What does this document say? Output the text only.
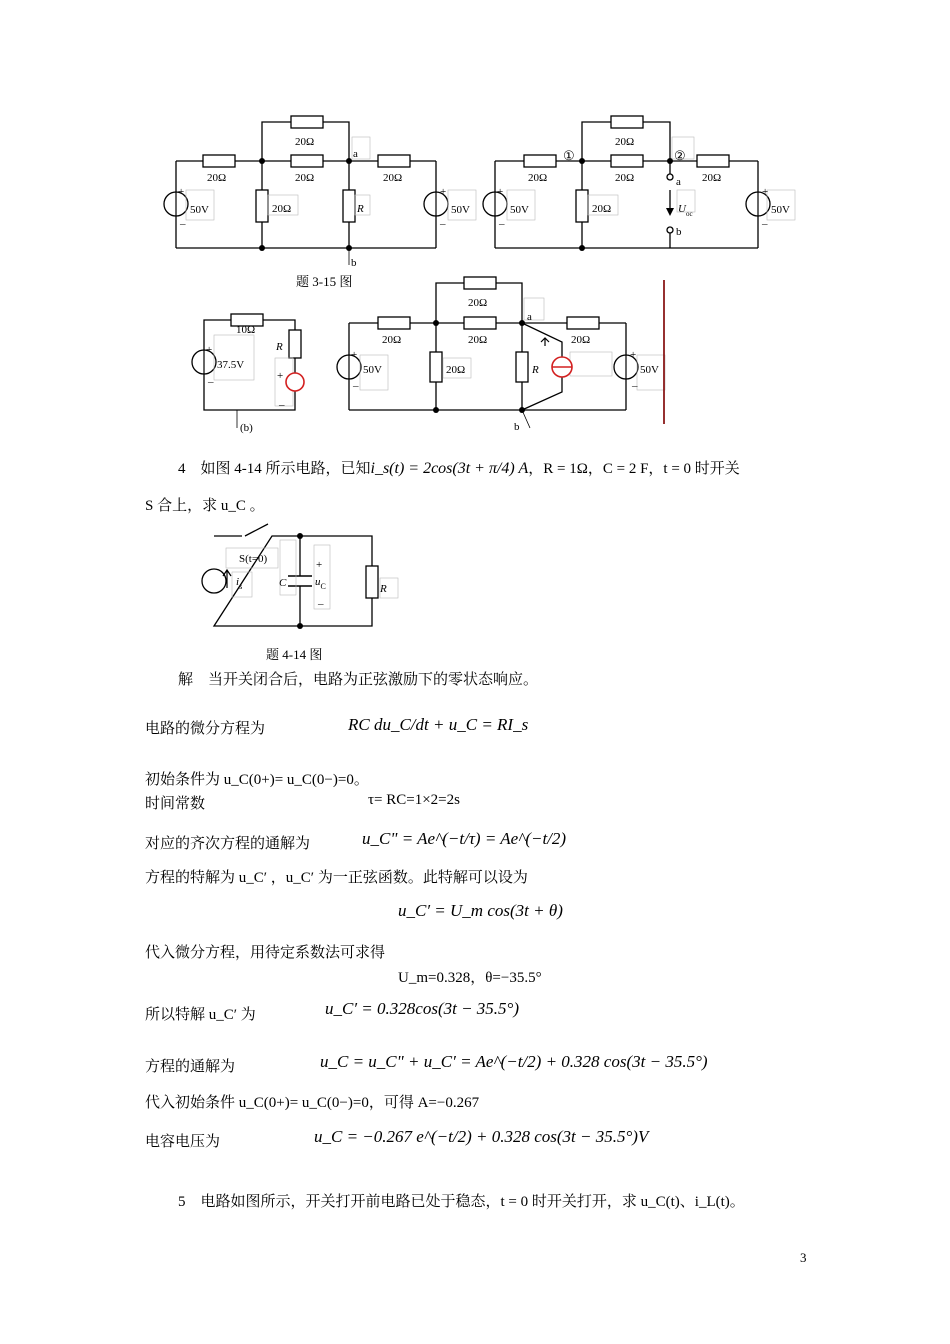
20Ω
20Ω	20Ω	20Ω
20Ω	R
50V	50V
a
b
+
_
+
_
题 3-15 图
20Ω
20Ω	20Ω	20Ω
20Ω
50V	50V
①	②
a
b
$U_{oc}$
+
_
+
_
10Ω
R
37.5V
(b)
+
_
+
_
20Ω
20Ω	20Ω	20Ω
20Ω	R
50V	50V
a
b
+
_
+
_
4　如图 4-14 所示电路，已知i_s(t) = 2cos(3t + π/4) A，R = 1Ω，C = 2 F，t = 0 时开关
S 合上，求 u_C 。
S(t=0)
C	R
$i_s$	$u_C$
+
_
题 4-14 图
解　当开关闭合后，电路为正弦激励下的零状态响应。
电路的微分方程为	RC du_C/dt + u_C = RI_s
初始条件为 u_C(0+)= u_C(0−)=0。
时间常数	τ= RC=1×2=2s
对应的齐次方程的通解为	u_C" = Ae^(−t/τ) = Ae^(−t/2)
方程的特解为 u_C′ ，u_C′ 为一正弦函数。此特解可以设为
u_C′ = U_m cos(3t + θ)
代入微分方程，用待定系数法可求得
U_m=0.328，θ=−35.5°
所以特解 u_C′ 为	u_C′ = 0.328cos(3t − 35.5°)
方程的通解为	u_C = u_C" + u_C′ = Ae^(−t/2) + 0.328 cos(3t − 35.5°)
代入初始条件 u_C(0+)= u_C(0−)=0，可得 A=−0.267
电容电压为	u_C = −0.267 e^(−t/2) + 0.328 cos(3t − 35.5°)V
5　电路如图所示，开关打开前电路已处于稳态，t = 0 时开关打开，求 u_C(t)、i_L(t)。
3
